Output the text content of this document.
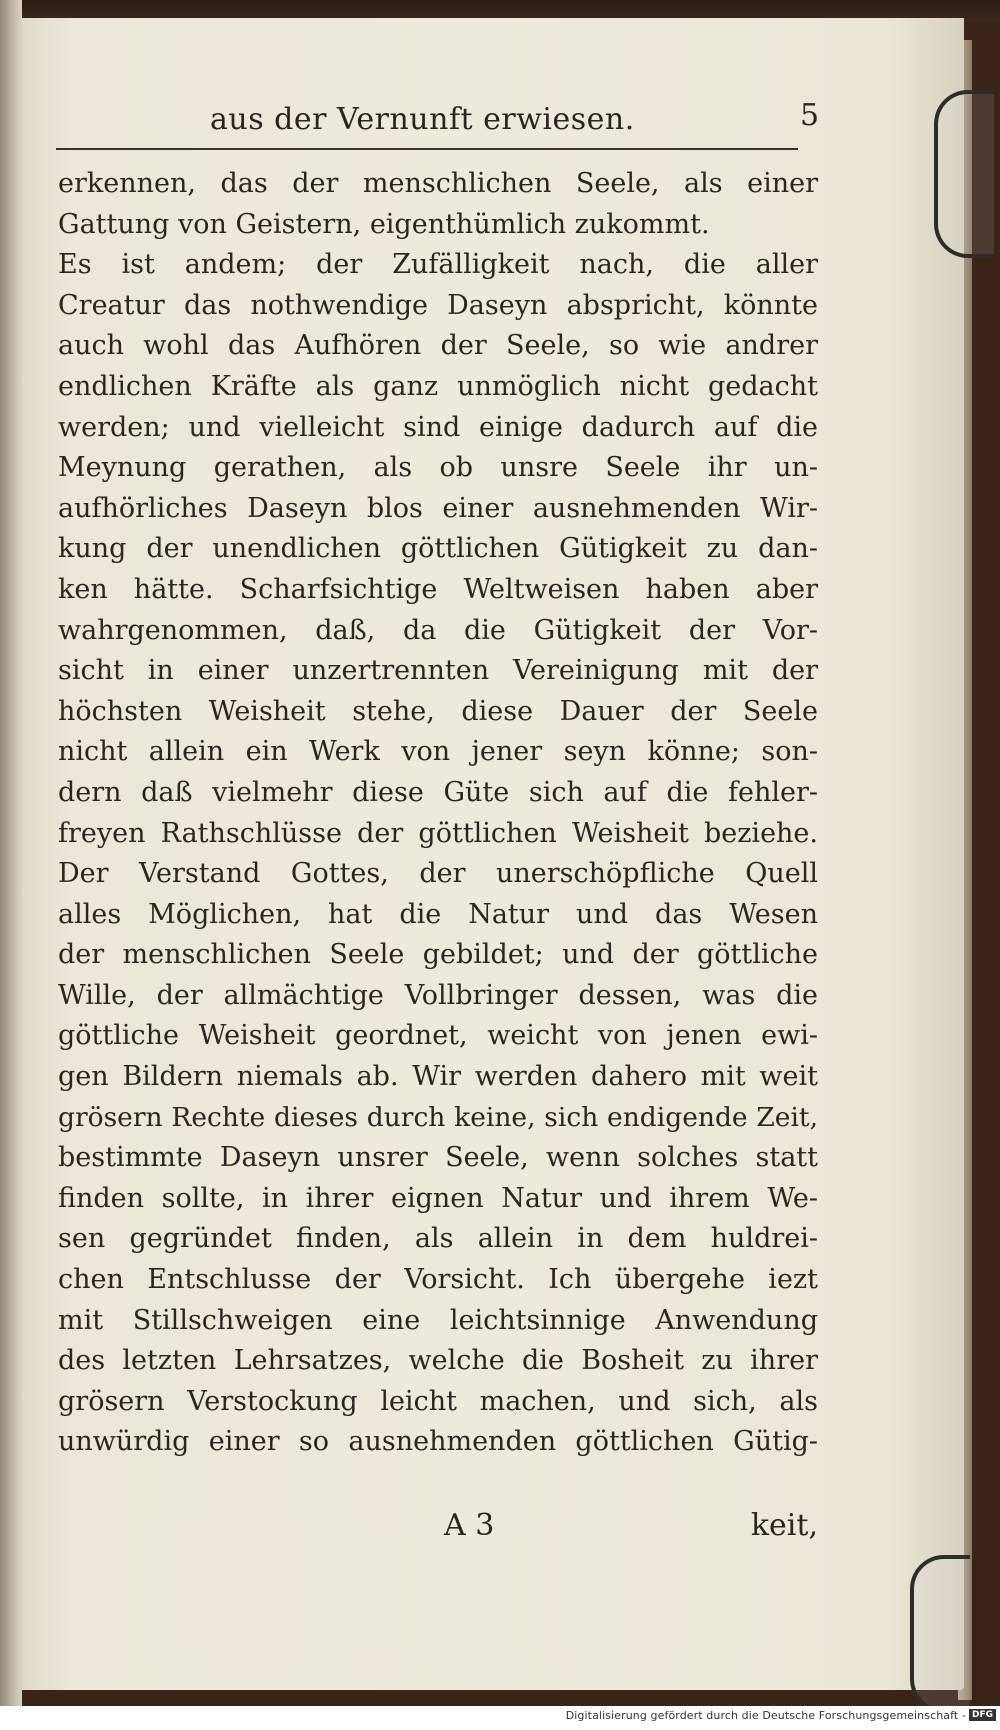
aus der Vernunft erwiesen.	5
erkennen, das der menschlichen Seele, als einer
Gattung von Geistern, eigenthümlich zukommt.
Es ist andem; der Zufälligkeit nach, die aller
Creatur das nothwendige Daseyn abspricht, könnte
auch wohl das Aufhören der Seele, so wie andrer
endlichen Kräfte als ganz unmöglich nicht gedacht
werden; und vielleicht sind einige dadurch auf die
Meynung gerathen, als ob unsre Seele ihr un-
aufhörliches Daseyn blos einer ausnehmenden Wir-
kung der unendlichen göttlichen Gütigkeit zu dan-
ken hätte. Scharfsichtige Weltweisen haben aber
wahrgenommen, daß, da die Gütigkeit der Vor-
sicht in einer unzertrennten Vereinigung mit der
höchsten Weisheit stehe, diese Dauer der Seele
nicht allein ein Werk von jener seyn könne; son-
dern daß vielmehr diese Güte sich auf die fehler-
freyen Rathschlüsse der göttlichen Weisheit beziehe.
Der Verstand Gottes, der unerschöpfliche Quell
alles Möglichen, hat die Natur und das Wesen
der menschlichen Seele gebildet; und der göttliche
Wille, der allmächtige Vollbringer dessen, was die
göttliche Weisheit geordnet, weicht von jenen ewi-
gen Bildern niemals ab. Wir werden dahero mit weit
grösern Rechte dieses durch keine, sich endigende Zeit,
bestimmte Daseyn unsrer Seele, wenn solches statt
finden sollte, in ihrer eignen Natur und ihrem We-
sen gegründet finden, als allein in dem huldrei-
chen Entschlusse der Vorsicht. Ich übergehe iezt
mit Stillschweigen eine leichtsinnige Anwendung
des letzten Lehrsatzes, welche die Bosheit zu ihrer
grösern Verstockung leicht machen, und sich, als
unwürdig einer so ausnehmenden göttlichen Gütig-
A 3	keit,
Digitalisierung gefördert durch die Deutsche Forschungsgemeinschaft - DFG
